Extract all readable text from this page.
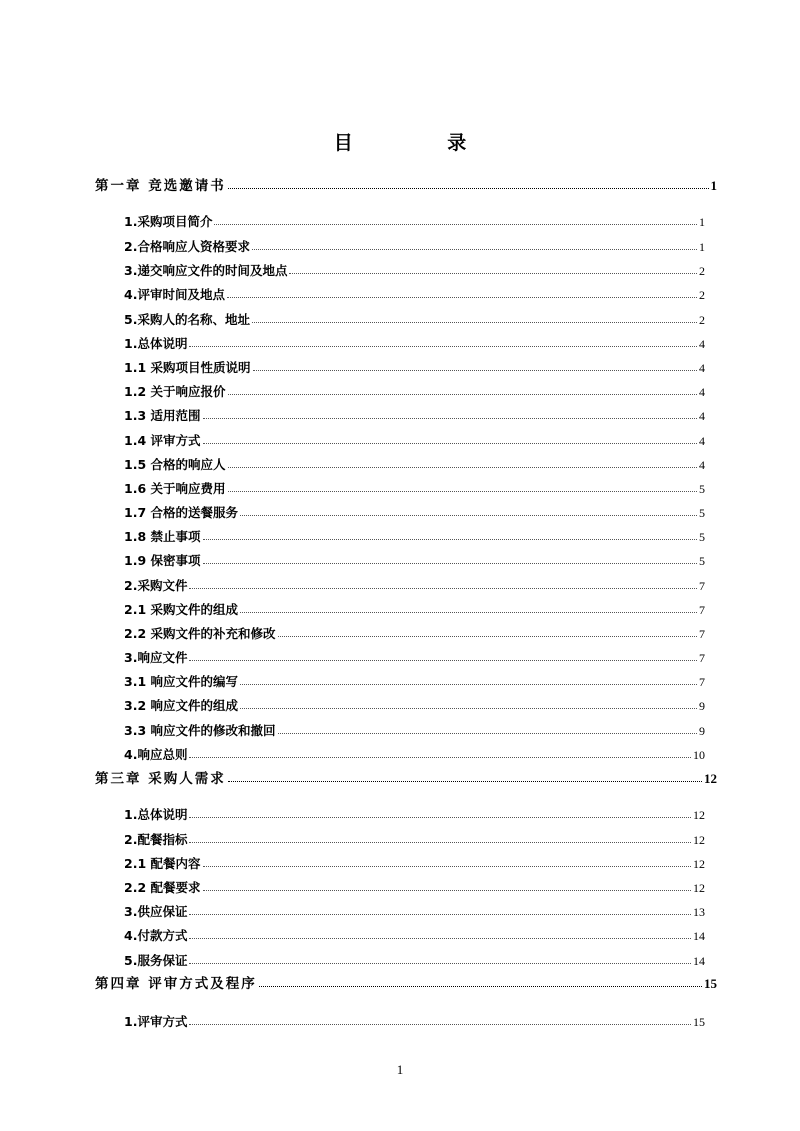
目 录
第一章 竞选邀请书	1
1.采购项目简介	1
2.合格响应人资格要求	1
3.递交响应文件的时间及地点	2
4.评审时间及地点	2
5.采购人的名称、地址	2
1.总体说明	4
1.1 采购项目性质说明	4
1.2 关于响应报价	4
1.3 适用范围	4
1.4 评审方式	4
1.5 合格的响应人	4
1.6 关于响应费用	5
1.7 合格的送餐服务	5
1.8 禁止事项	5
1.9 保密事项	5
2.采购文件	7
2.1 采购文件的组成	7
2.2 采购文件的补充和修改	7
3.响应文件	7
3.1 响应文件的编写	7
3.2 响应文件的组成	9
3.3 响应文件的修改和撤回	9
4.响应总则	10
第三章 采购人需求	12
1.总体说明	12
2.配餐指标	12
2.1 配餐内容	12
2.2 配餐要求	12
3.供应保证	13
4.付款方式	14
5.服务保证	14
第四章 评审方式及程序	15
1.评审方式	15
1
